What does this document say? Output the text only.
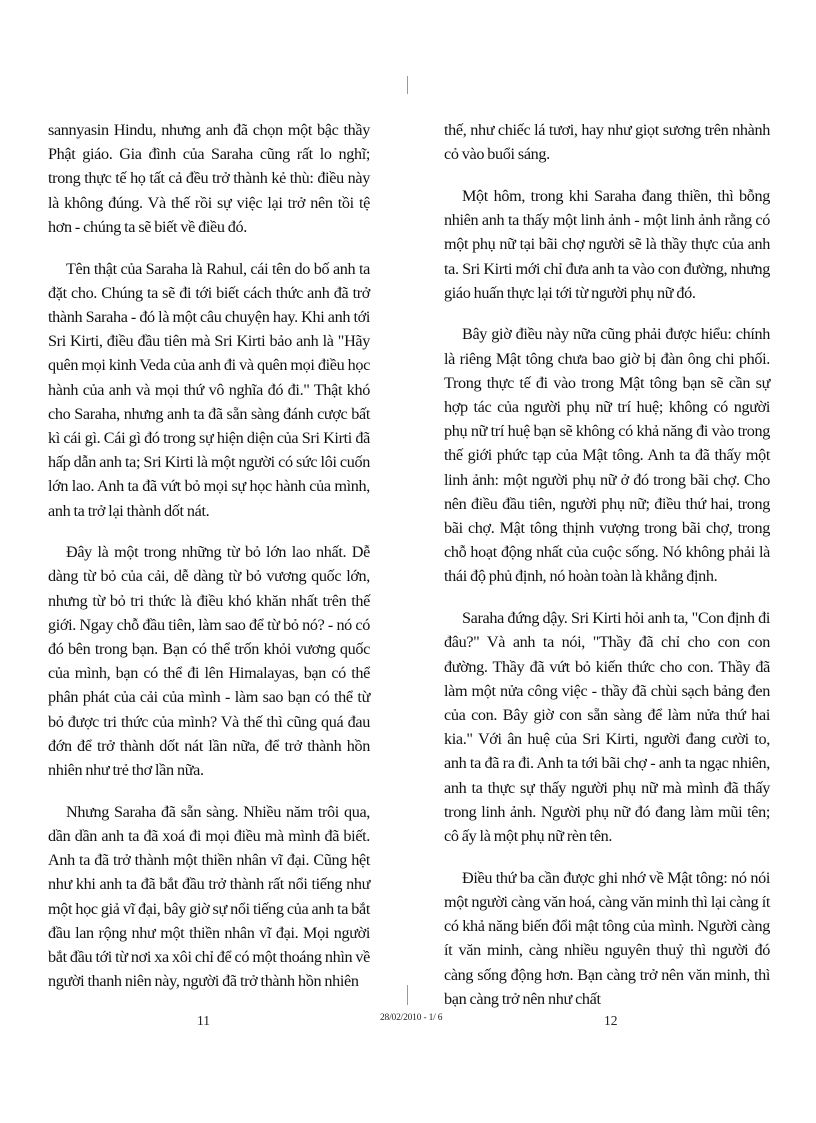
sannyasin Hindu, nhưng anh đã chọn một bậc thầy Phật giáo. Gia đình của Saraha cũng rất lo nghĩ; trong thực tế họ tất cả đều trở thành kẻ thù: điều này là không đúng. Và thế rồi sự việc lại trở nên tồi tệ hơn - chúng ta sẽ biết về điều đó.

Tên thật của Saraha là Rahul, cái tên do bố anh ta đặt cho. Chúng ta sẽ đi tới biết cách thức anh đã trở thành Saraha - đó là một câu chuyện hay. Khi anh tới Sri Kirti, điều đầu tiên mà Sri Kirti bảo anh là "Hãy quên mọi kinh Veda của anh đi và quên mọi điều học hành của anh và mọi thứ vô nghĩa đó đi." Thật khó cho Saraha, nhưng anh ta đã sẵn sàng đánh cược bất kì cái gì. Cái gì đó trong sự hiện diện của Sri Kirti đã hấp dẫn anh ta; Sri Kirti là một người có sức lôi cuốn lớn lao. Anh ta đã vứt bỏ mọi sự học hành của mình, anh ta trở lại thành dốt nát.

Đây là một trong những từ bỏ lớn lao nhất. Dễ dàng từ bỏ của cải, dễ dàng từ bỏ vương quốc lớn, nhưng từ bỏ tri thức là điều khó khăn nhất trên thế giới. Ngay chỗ đầu tiên, làm sao để từ bỏ nó? - nó có đó bên trong bạn. Bạn có thể trốn khỏi vương quốc của mình, bạn có thể đi lên Himalayas, bạn có thể phân phát của cải của mình - làm sao bạn có thể từ bỏ được tri thức của mình? Và thế thì cũng quá đau đớn để trở thành dốt nát lần nữa, để trở thành hồn nhiên như trẻ thơ lần nữa.

Nhưng Saraha đã sẵn sàng. Nhiều năm trôi qua, dần dần anh ta đã xoá đi mọi điều mà mình đã biết. Anh ta đã trở thành một thiền nhân vĩ đại. Cũng hệt như khi anh ta đã bắt đầu trở thành rất nổi tiếng như một học giả vĩ đại, bây giờ sự nổi tiếng của anh ta bắt đầu lan rộng như một thiền nhân vĩ đại. Mọi người bắt đầu tới từ nơi xa xôi chỉ để có một thoáng nhìn về người thanh niên này, người đã trở thành hồn nhiên

thế, như chiếc lá tươi, hay như giọt sương trên nhành cỏ vào buổi sáng.

Một hôm, trong khi Saraha đang thiền, thì bỗng nhiên anh ta thấy một linh ảnh - một linh ảnh rằng có một phụ nữ tại bãi chợ người sẽ là thầy thực của anh ta. Sri Kirti mới chỉ đưa anh ta vào con đường, nhưng giáo huấn thực lại tới từ người phụ nữ đó.

Bây giờ điều này nữa cũng phải được hiểu: chính là riêng Mật tông chưa bao giờ bị đàn ông chi phối. Trong thực tế đi vào trong Mật tông bạn sẽ cần sự hợp tác của người phụ nữ trí huệ; không có người phụ nữ trí huệ bạn sẽ không có khả năng đi vào trong thế giới phức tạp của Mật tông. Anh ta đã thấy một linh ảnh: một người phụ nữ ở đó trong bãi chợ. Cho nên điều đầu tiên, người phụ nữ; điều thứ hai, trong bãi chợ. Mật tông thịnh vượng trong bãi chợ, trong chỗ hoạt động nhất của cuộc sống. Nó không phải là thái độ phủ định, nó hoàn toàn là khẳng định.

Saraha đứng dậy. Sri Kirti hỏi anh ta, "Con định đi đâu?" Và anh ta nói, "Thầy đã chỉ cho con con đường. Thầy đã vứt bỏ kiến thức cho con. Thầy đã làm một nửa công việc - thầy đã chùi sạch bảng đen của con. Bây giờ con sẵn sàng để làm nửa thứ hai kia." Với ân huệ của Sri Kirti, người đang cười to, anh ta đã ra đi. Anh ta tới bãi chợ - anh ta ngạc nhiên, anh ta thực sự thấy người phụ nữ mà mình đã thấy trong linh ảnh. Người phụ nữ đó đang làm mũi tên; cô ấy là một phụ nữ rèn tên.

Điều thứ ba cần được ghi nhớ về Mật tông: nó nói một người càng văn hoá, càng văn minh thì lại càng ít có khả năng biến đổi mật tông của mình. Người càng ít văn minh, càng nhiều nguyên thuỷ thì người đó càng sống động hơn. Bạn càng trở nên văn minh, thì bạn càng trở nên như chất

11	28/02/2010 - 1/ 6	12
